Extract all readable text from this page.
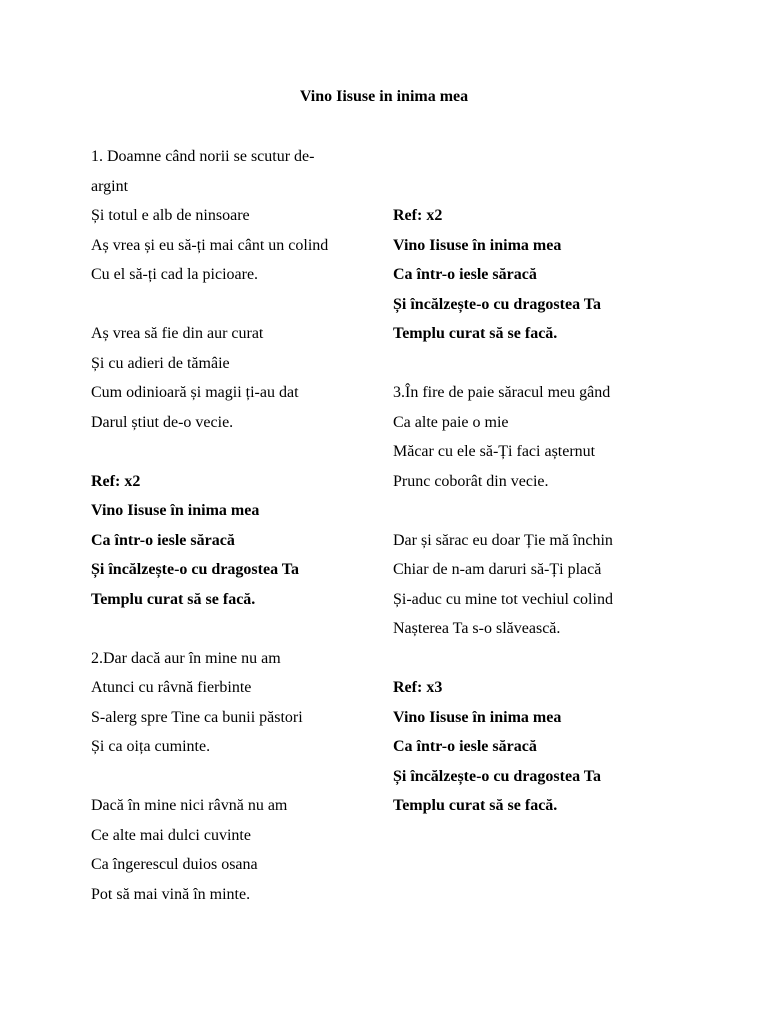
Vino Iisuse in inima mea
1. Doamne când norii se scutur de-
argint
Și totul e alb de ninsoare
Aș vrea și eu să-ți mai cânt un colind
Cu el să-ți cad la picioare.
Aș vrea să fie din aur curat
Și cu adieri de tămâie
Cum odinioară și magii ți-au dat
Darul știut de-o vecie.
Ref: x2
Vino Iisuse în inima mea
Ca într-o iesle săracă
Și încălzește-o cu dragostea Ta
Templu curat să se facă.
2.Dar dacă aur în mine nu am
Atunci cu râvnă fierbinte
S-alerg spre Tine ca bunii păstori
Și ca oița cuminte.
Dacă în mine nici râvnă nu am
Ce alte mai dulci cuvinte
Ca îngerescul duios osana
Pot să mai vină în minte.
Ref: x2
Vino Iisuse în inima mea
Ca într-o iesle săracă
Și încălzește-o cu dragostea Ta
Templu curat să se facă.
3.În fire de paie săracul meu gând
Ca alte paie o mie
Măcar cu ele să-Ți faci așternut
Prunc coborât din vecie.
Dar și sărac eu doar Ție mă închin
Chiar de n-am daruri să-Ți placă
Și-aduc cu mine tot vechiul colind
Nașterea Ta s-o slăvească.
Ref: x3
Vino Iisuse în inima mea
Ca într-o iesle săracă
Și încălzește-o cu dragostea Ta
Templu curat să se facă.
